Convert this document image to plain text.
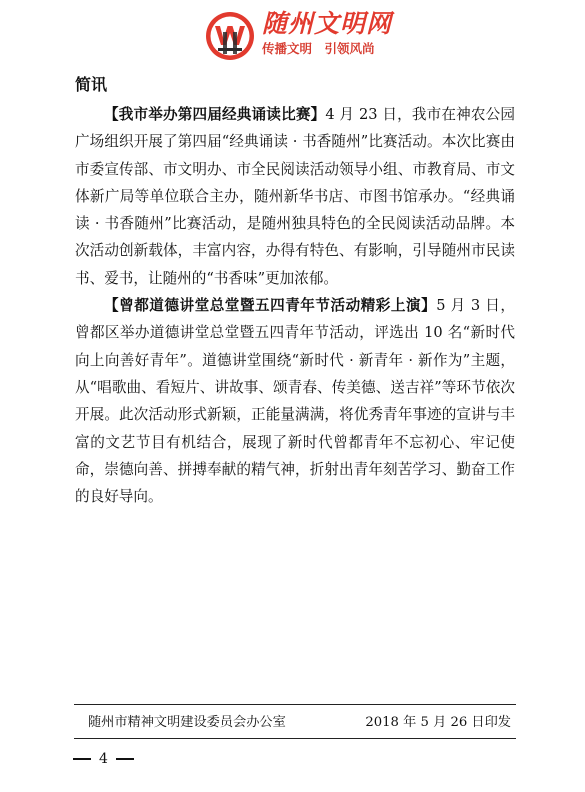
随州文明网
传播文明　引领风尚
简讯

【我市举办第四届经典诵读比赛】4 月 23 日，我市在神农公园广场组织开展了第四届“经典诵读 · 书香随州”比赛活动。本次比赛由市委宣传部、市文明办、市全民阅读活动领导小组、市教育局、市文体新广局等单位联合主办，随州新华书店、市图书馆承办。“经典诵读 · 书香随州”比赛活动，是随州独具特色的全民阅读活动品牌。本次活动创新载体，丰富内容，办得有特色、有影响，引导随州市民读书、爱书，让随州的“书香味”更加浓郁。

【曾都道德讲堂总堂暨五四青年节活动精彩上演】5 月 3 日，曾都区举办道德讲堂总堂暨五四青年节活动，评选出 10 名“新时代向上向善好青年”。道德讲堂围绕“新时代 · 新青年 · 新作为”主题，从“唱歌曲、看短片、讲故事、颂青春、传美德、送吉祥”等环节依次开展。此次活动形式新颖，正能量满满，将优秀青年事迹的宣讲与丰富的文艺节目有机结合，展现了新时代曾都青年不忘初心、牢记使命，崇德向善、拼搏奉献的精气神，折射出青年刻苦学习、勤奋工作的良好导向。

随州市精神文明建设委员会办公室	2018 年 5 月 26 日印发
4
